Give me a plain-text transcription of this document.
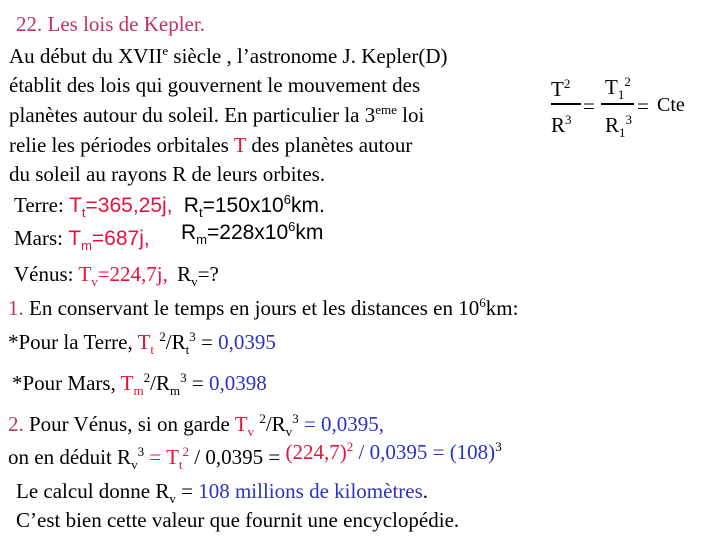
22. Les lois de Kepler.
Au début du XVIIe siècle , l’astronome J. Kepler(D)
établit des lois qui gouvernent le mouvement des
planètes autour du soleil. En particulier la 3eme loi
relie les périodes orbitales T des planètes autour
du soleil au rayons R de leurs orbites.
$T^2$
$R^3$
=
$T_1^2$
$R_1^3$
= Cte
Terre: $T_t=365,25j$, $R_t=150x10^6km$.
Mars: $T_m=687j$, $R_m=228x10^6km$
Vénus: $T_v=224,7j$, $R_v=$?
1. En conservant le temps en jours et les distances en $10^6km$:
*Pour la Terre, $T_t$ $^2/R_t^3 = 0,0395$
*Pour Mars, $T_m^2/R_m^3 = 0,0398$
2. Pour Vénus, si on garde $T_v$ $^2/R_v^3 = 0,0395$,
on en déduit $R_v^3 = T_t^2 / 0,0395 = (224,7)^2 / 0,0395 = (108)^3$
Le calcul donne $R_v = 108$ millions de kilomètres.
C’est bien cette valeur que fournit une encyclopédie.
